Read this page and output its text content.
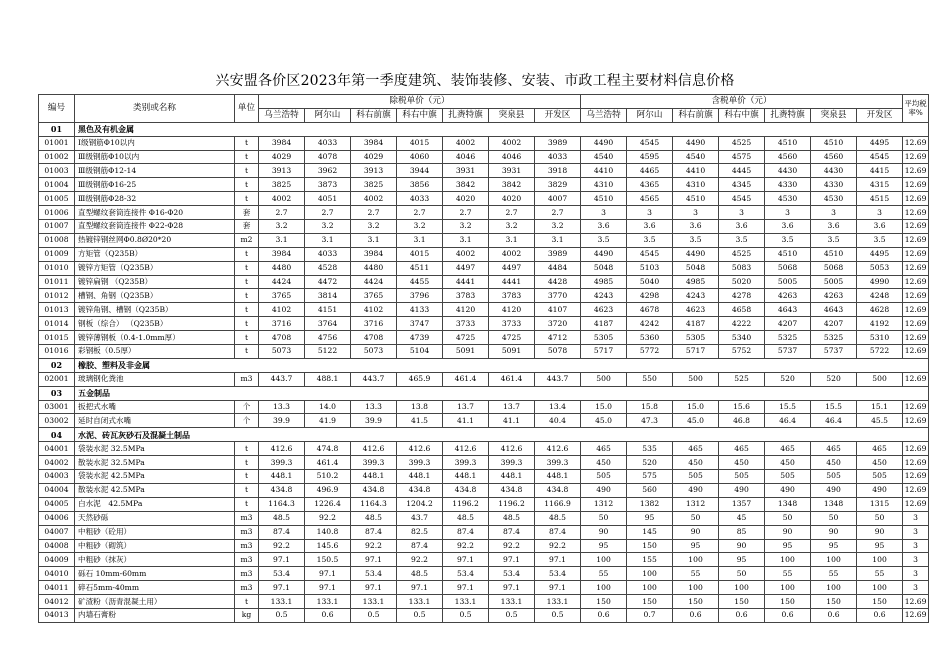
兴安盟各价区2023年第一季度建筑、装饰装修、安装、市政工程主要材料信息价格
编号	类别或名称	单位	除税单价（元）							含税单价（元）							平均税率%
			乌兰浩特	阿尔山	科右前旗	科右中旗	扎赉特旗	突泉县	开发区	乌兰浩特	阿尔山	科右前旗	科右中旗	扎赉特旗	突泉县	开发区	
01	黑色及有机金属																
01001	Ⅰ级钢筋Φ10以内	t	3984	4033	3984	4015	4002	4002	3989	4490	4545	4490	4525	4510	4510	4495	12.69
01002	Ⅲ级钢筋Φ10以内	t	4029	4078	4029	4060	4046	4046	4033	4540	4595	4540	4575	4560	4560	4545	12.69
01003	Ⅲ级钢筋Φ12-14	t	3913	3962	3913	3944	3931	3931	3918	4410	4465	4410	4445	4430	4430	4415	12.69
01004	Ⅲ级钢筋Φ16-25	t	3825	3873	3825	3856	3842	3842	3829	4310	4365	4310	4345	4330	4330	4315	12.69
01005	Ⅲ级钢筋Φ28-32	t	4002	4051	4002	4033	4020	4020	4007	4510	4565	4510	4545	4530	4530	4515	12.69
01006	直型螺纹套筒连接件 Φ16-Φ20	套	2.7	2.7	2.7	2.7	2.7	2.7	2.7	3	3	3	3	3	3	3	12.69
01007	直型螺纹套筒连接件 Φ22-Φ28	套	3.2	3.2	3.2	3.2	3.2	3.2	3.2	3.6	3.6	3.6	3.6	3.6	3.6	3.6	12.69
01008	热镀锌钢丝网Φ0.8Ø20*20	m2	3.1	3.1	3.1	3.1	3.1	3.1	3.1	3.5	3.5	3.5	3.5	3.5	3.5	3.5	12.69
01009	方矩管（Q235B）	t	3984	4033	3984	4015	4002	4002	3989	4490	4545	4490	4525	4510	4510	4495	12.69
01010	镀锌方矩管（Q235B）	t	4480	4528	4480	4511	4497	4497	4484	5048	5103	5048	5083	5068	5068	5053	12.69
01011	镀锌扁钢 （Q235B）	t	4424	4472	4424	4455	4441	4441	4428	4985	5040	4985	5020	5005	5005	4990	12.69
01012	槽钢、角钢（Q235B）	t	3765	3814	3765	3796	3783	3783	3770	4243	4298	4243	4278	4263	4263	4248	12.69
01013	镀锌角钢、槽钢（Q235B）	t	4102	4151	4102	4133	4120	4120	4107	4623	4678	4623	4658	4643	4643	4628	12.69
01014	钢板（综合） （Q235B）	t	3716	3764	3716	3747	3733	3733	3720	4187	4242	4187	4222	4207	4207	4192	12.69
01015	镀锌薄钢板（0.4-1.0mm厚）	t	4708	4756	4708	4739	4725	4725	4712	5305	5360	5305	5340	5325	5325	5310	12.69
01016	彩钢板（0.5厚）	t	5073	5122	5073	5104	5091	5091	5078	5717	5772	5717	5752	5737	5737	5722	12.69
02	橡胶、塑料及非金属																
02001	玻璃钢化粪池	m3	443.7	488.1	443.7	465.9	461.4	461.4	443.7	500	550	500	525	520	520	500	12.69
03	五金制品																
03001	扳把式水嘴	个	13.3	14.0	13.3	13.8	13.7	13.7	13.4	15.0	15.8	15.0	15.6	15.5	15.5	15.1	12.69
03002	延时自闭式水嘴	个	39.9	41.9	39.9	41.5	41.1	41.1	40.4	45.0	47.3	45.0	46.8	46.4	46.4	45.5	12.69
04	水泥、砖瓦灰砂石及混凝土制品																
04001	袋装水泥 32.5MPa	t	412.6	474.8	412.6	412.6	412.6	412.6	412.6	465	535	465	465	465	465	465	12.69
04002	散装水泥 32.5MPa	t	399.3	461.4	399.3	399.3	399.3	399.3	399.3	450	520	450	450	450	450	450	12.69
04003	袋装水泥 42.5MPa	t	448.1	510.2	448.1	448.1	448.1	448.1	448.1	505	575	505	505	505	505	505	12.69
04004	散装水泥 42.5MPa	t	434.8	496.9	434.8	434.8	434.8	434.8	434.8	490	560	490	490	490	490	490	12.69
04005	白水泥　42.5MPa	t	1164.3	1226.4	1164.3	1204.2	1196.2	1196.2	1166.9	1312	1382	1312	1357	1348	1348	1315	12.69
04006	天然砂砾	m3	48.5	92.2	48.5	43.7	48.5	48.5	48.5	50	95	50	45	50	50	50	3
04007	中粗砂（砼用）	m3	87.4	140.8	87.4	82.5	87.4	87.4	87.4	90	145	90	85	90	90	90	3
04008	中粗砂（砌筑）	m3	92.2	145.6	92.2	87.4	92.2	92.2	92.2	95	150	95	90	95	95	95	3
04009	中粗砂（抹灰）	m3	97.1	150.5	97.1	92.2	97.1	97.1	97.1	100	155	100	95	100	100	100	3
04010	砾石 10mm-60mm	m3	53.4	97.1	53.4	48.5	53.4	53.4	53.4	55	100	55	50	55	55	55	3
04011	碎石5mm-40mm	m3	97.1	97.1	97.1	97.1	97.1	97.1	97.1	100	100	100	100	100	100	100	3
04012	矿渣粉（沥青混凝土用）	t	133.1	133.1	133.1	133.1	133.1	133.1	133.1	150	150	150	150	150	150	150	12.69
04013	内墙石膏粉	kg	0.5	0.6	0.5	0.5	0.5	0.5	0.5	0.6	0.7	0.6	0.6	0.6	0.6	0.6	12.69
